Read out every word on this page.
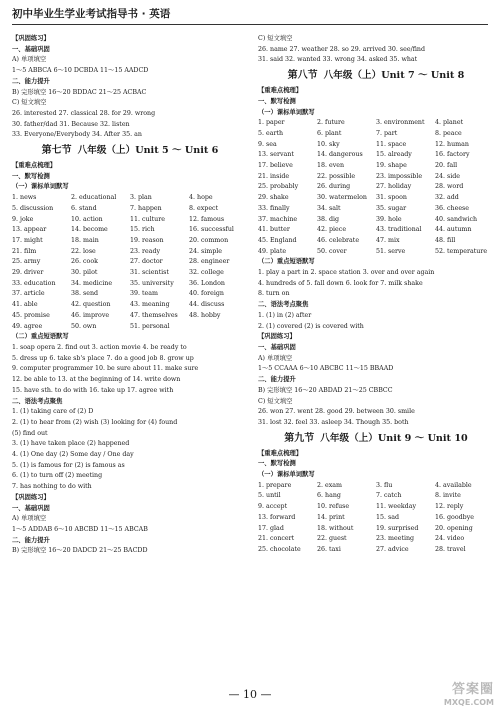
初中毕业生学业考试指导书 · 英语
【巩固练习】
一、基础巩固
A) 单项填空
1～5 ABBCA 6～10 DCBDA 11～15 AADCD
二、能力提升
B) 完形填空 16～20 BDDAC 21～25 ACBAC
C) 短文填空
26. interested 27. classical 28. for 29. wrong
30. father/dad 31. Because 32. listen
33. Everyone/Everybody 34. After 35. an
第七节 八年级（上）Unit 5 ～ Unit 6
【重难点梳理】
一、默写检测
（一）课标单词默写
1. news	2. educational	3. plan	4. hope
5. discussion	6. stand	7. happen	8. expect
9. joke	10. action	11. culture	12. famous
13. appear	14. become	15. rich	16. successful
17. might	18. main	19. reason	20. common
21. film	22. lose	23. ready	24. simple
25. army	26. cook	27. doctor	28. engineer
29. driver	30. pilot	31. scientist	32. college
33. education	34. medicine	35. university	36. London
37. article	38. send	39. team	40. foreign
41. able	42. question	43. meaning	44. discuss
45. promise	46. improve	47. themselves	48. hobby
49. agree	50. own	51. personal
（二）重点短语默写
1. soap opera 2. find out 3. action movie 4. be ready to
5. dress up 6. take sb's place 7. do a good job 8. grow up
9. computer programmer 10. be sure about 11. make sure
12. be able to 13. at the beginning of 14. write down
15. have sth. to do with 16. take up 17. agree with
二、语法考点聚焦
1. (1) taking care of (2) D
2. (1) to hear from (2) wish (3) looking for (4) found
(5) find out
3. (1) have taken place (2) happened
4. (1) One day (2) Some day / One day
5. (1) is famous for (2) is famous as
6. (1) to turn off (2) meeting
7. has nothing to do with
【巩固练习】
一、基础巩固
A) 单项填空
1～5 ADDAB 6～10 ABCBD 11～15 ABCAB
二、能力提升
B) 完形填空 16～20 DADCD 21～25 BACDD
C) 短文填空
26. name 27. weather 28. so 29. arrived 30. see/find
31. said 32. wanted 33. wrong 34. asked 35. what
第八节 八年级（上）Unit 7 ～ Unit 8
【重难点梳理】
一、默写检测
（一）课标单词默写
1. paper	2. future	3. environment	4. planet
5. earth	6. plant	7. part	8. peace
9. sea	10. sky	11. space	12. human
13. servant	14. dangerous	15. already	16. factory
17. believe	18. even	19. shape	20. fall
21. inside	22. possible	23. impossible	24. side
25. probably	26. during	27. holiday	28. word
29. shake	30. watermelon	31. spoon	32. add
33. finally	34. salt	35. sugar	36. cheese
37. machine	38. dig	39. hole	40. sandwich
41. butter	42. piece	43. traditional	44. autumn
45. England	46. celebrate	47. mix	48. fill
49. plate	50. cover	51. serve	52. temperature
（二）重点短语默写
1. play a part in 2. space station 3. over and over again
4. hundreds of 5. fall down 6. look for 7. milk shake
8. turn on
二、语法考点聚焦
1. (1) in (2) after
2. (1) covered (2) is covered with
【巩固练习】
一、基础巩固
A) 单项填空
1～5 CCAAA 6～10 ABCBC 11～15 BBAAD
二、能力提升
B) 完形填空 16～20 ABDAD 21～25 CBBCC
C) 短文填空
26. won 27. went 28. good 29. between 30. smile
31. lost 32. feel 33. asleep 34. Though 35. both
第九节 八年级（上）Unit 9 ～ Unit 10
【重难点梳理】
一、默写检测
（一）课标单词默写
1. prepare	2. exam	3. flu	4. available
5. until	6. hang	7. catch	8. invite
9. accept	10. refuse	11. weekday	12. reply
13. forward	14. print	15. sad	16. goodbye
17. glad	18. without	19. surprised	20. opening
21. concert	22. guest	23. meeting	24. video
25. chocolate	26. taxi	27. advice	28. travel
— 10 —	答案圈
MXQE.COM
